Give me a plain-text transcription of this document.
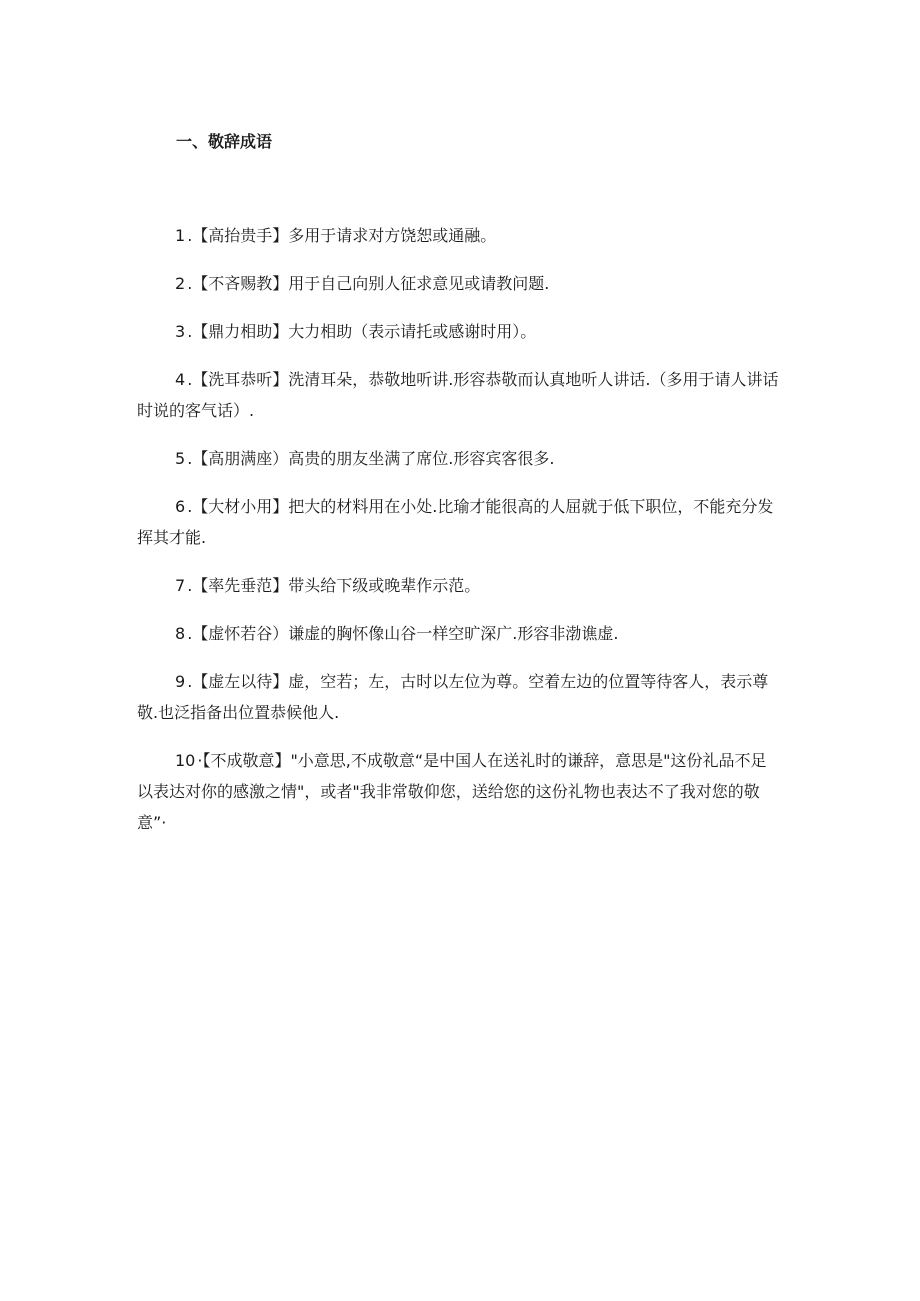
一、敬辞成语

1 .【高抬贵手】多用于请求对方饶恕或通融。

2 .【不吝赐教】用于自己向别人征求意见或请教问题.

3 .【鼎力相助】大力相助（表示请托或感谢时用）。

4 .【洗耳恭听】洗清耳朵，恭敬地听讲.形容恭敬而认真地听人讲话.（多用于请人讲话时说的客气话）.

5 .【高朋满座）高贵的朋友坐满了席位.形容宾客很多.

6 .【大材小用】把大的材料用在小处.比瑜才能很高的人屈就于低下职位，不能充分发挥其才能.

7 .【率先垂范】带头给下级或晚辈作示范。

8 .【虚怀若谷）谦虚的胸怀像山谷一样空旷深广.形容非渤谯虚.

9 .【虚左以待】虚，空若；左，古时以左位为尊。空着左边的位置等待客人，表示尊敬.也泛指备出位置恭候他人.

10 ·【不成敬意】"小意思,不成敬意“是中国人在送礼时的谦辞，意思是"这份礼品不足以表达对你的感激之情"，或者"我非常敬仰您，送给您的这份礼物也表达不了我对您的敬意”·
